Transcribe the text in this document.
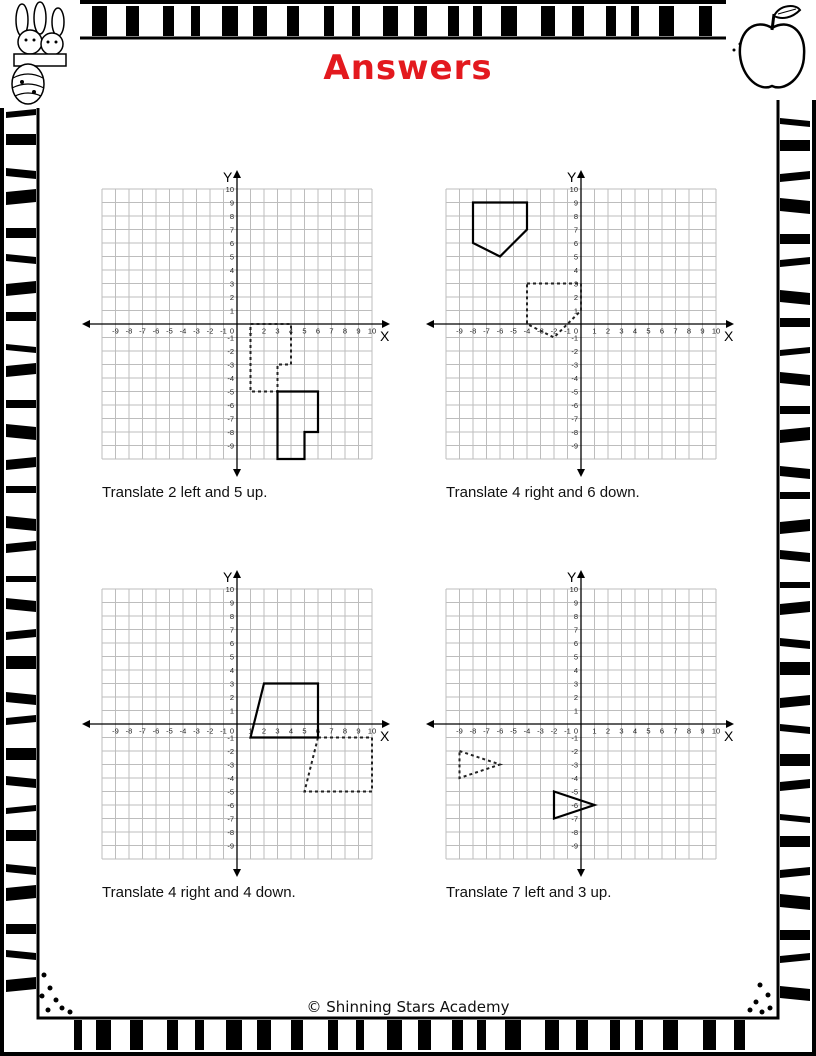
Answers
X
Y
-9 -8 -7 -6 -5 -4 -3 -2 -1	1 2 3 4 5 6 7 8 9 10
0
-9
-8
-7
-6
-5
-4
-3
-2
-1
1
2
3
4
5
6
7
8
9
10
X
Y
-9 -8 -7 -6 -5 -4 -3 -2 -1	1 2 3 4 5 6 7 8 9 10
0
-9
-8
-7
-6
-5
-4
-3
-2
-1
1
2
3
4
5
6
7
8
9
10
X
Y
-9 -8 -7 -6 -5 -4 -3 -2 -1	1 2 3 4 5 6 7 8 9 10
0
-9
-8
-7
-6
-5
-4
-3
-2
-1
1
2
3
4
5
6
7
8
9
10
X
Y
-9 -8 -7 -6 -5 -4 -3 -2 -1	1 2 3 4 5 6 7 8 9 10
0
-9
-8
-7
-6
-5
-4
-3
-2
-1
1
2
3
4
5
6
7
8
9
10
Translate 2 left and 5 up.	Translate 4 right and 6 down.
Translate 4 right and 4 down.	Translate 7 left and 3 up.
© Shinning Stars Academy
